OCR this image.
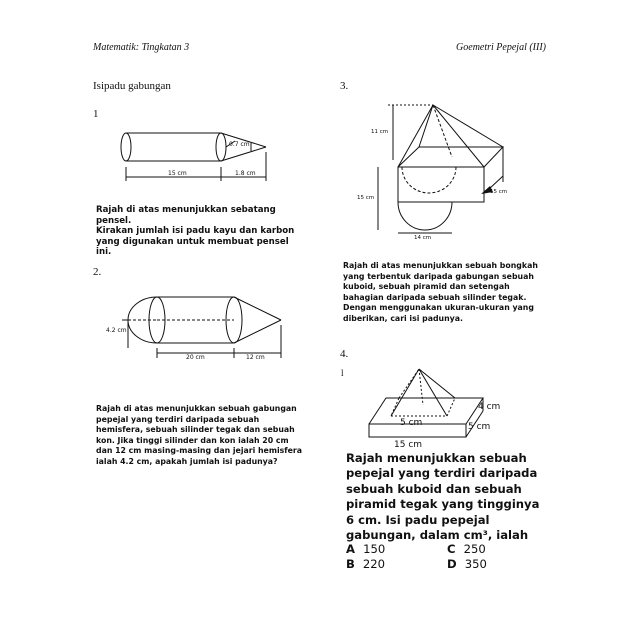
Matematik: Tingkatan 3	Goemetri Pepejal (III)
Isipadu gabungan
1
2.
3.
4.
l
0.7 cm
15 cm	1.8 cm
4.2 cm
20 cm	12 cm
11 cm
15 cm
15 cm
14 cm
4 cm
5 cm	5 cm
15 cm
Rajah di atas menunjukkan sebatang pensel.
Kirakan jumlah isi padu kayu dan karbon
yang digunakan untuk membuat pensel ini.
Rajah di atas menunjukkan sebuah gabungan
pepejal yang terdiri daripada sebuah
hemisfera, sebuah silinder tegak dan sebuah
kon. Jika tinggi silinder dan kon ialah 20 cm
dan 12 cm masing-masing dan jejari hemisfera
ialah 4.2 cm, apakah jumlah isi padunya?
Rajah di atas menunjukkan sebuah bongkah
yang terbentuk daripada gabungan sebuah
kuboid, sebuah piramid dan setengah
bahagian daripada sebuah silinder tegak.
Dengan menggunakan ukuran-ukuran yang
diberikan, cari isi padunya.
Rajah menunjukkan sebuah
pepejal yang terdiri daripada
sebuah kuboid dan sebuah
piramid tegak yang tingginya
6 cm. Isi padu pepejal
gabungan, dalam cm³, ialah
A 150	C 250
B 220	D 350
